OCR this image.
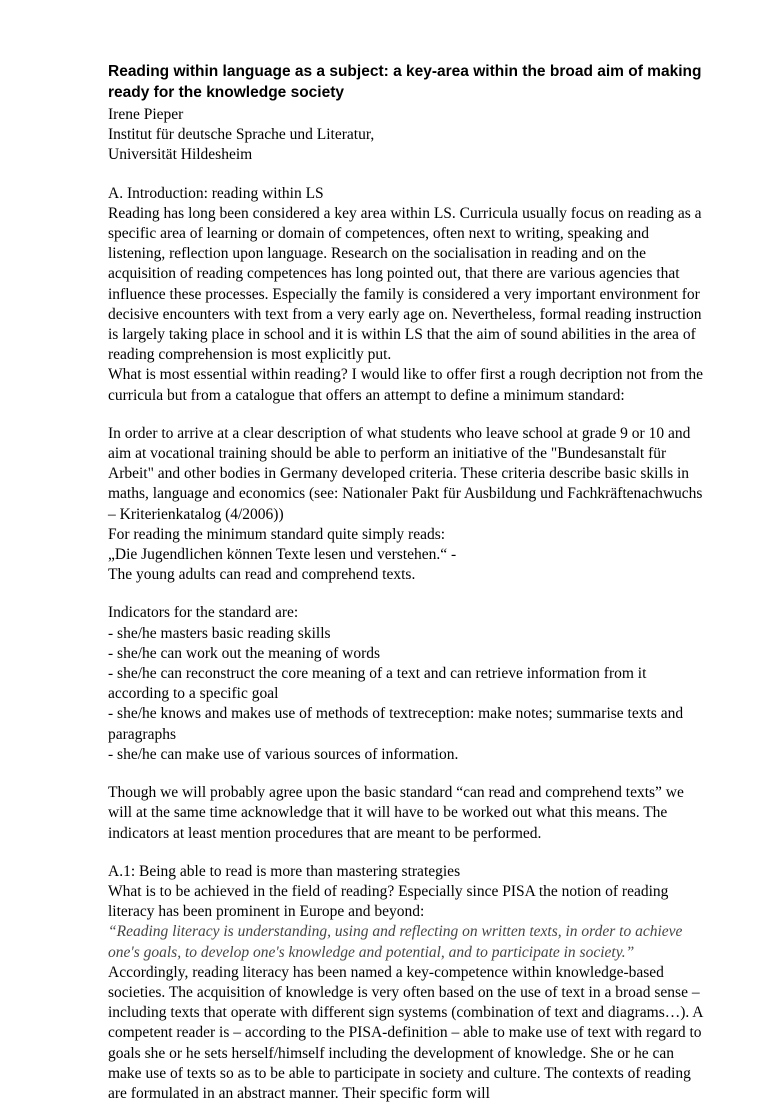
Reading within language as a subject: a key-area within the broad aim of making ready for the knowledge society
Irene Pieper
Institut für deutsche Sprache und Literatur,
Universität Hildesheim
A. Introduction: reading within LS
Reading has long been considered a key area within LS. Curricula usually focus on reading as a specific area of learning or domain of competences, often next to writing, speaking and listening, reflection upon language. Research on the socialisation in reading and on the acquisition of reading competences has long pointed out, that there are various agencies that influence these processes. Especially the family is considered a very important environment for decisive encounters with text from a very early age on. Nevertheless, formal reading instruction is largely taking place in school and it is within LS that the aim of sound abilities in the area of reading comprehension is most explicitly put.
What is most essential within reading? I would like to offer first a rough decription not from the curricula but from a catalogue that offers an attempt to define a minimum standard:
In order to arrive at a clear description of what students who leave school at grade 9 or 10 and aim at vocational training should be able to perform an initiative of the "Bundesanstalt für Arbeit" and other bodies in Germany developed criteria. These criteria describe basic skills in maths, language and economics (see: Nationaler Pakt für Ausbildung und Fachkräftenachwuchs – Kriterienkatalog (4/2006))
For reading the minimum standard quite simply reads:
„Die Jugendlichen können Texte lesen und verstehen.“ -
The young adults can read and comprehend texts.
Indicators for the standard are:
- she/he masters basic reading skills
- she/he can work out the meaning of words
- she/he can reconstruct the core meaning of a text and can retrieve information from it according to a specific goal
- she/he knows and makes use of methods of textreception: make notes; summarise texts and paragraphs
- she/he can make use of various sources of information.
Though we will probably agree upon the basic standard “can read and comprehend texts” we will at the same time acknowledge that it will have to be worked out what this means. The indicators at least mention procedures that are meant to be performed.
A.1: Being able to read is more than mastering strategies
What is to be achieved in the field of reading? Especially since PISA the notion of reading literacy has been prominent in Europe and beyond:
“Reading literacy is understanding, using and reflecting on written texts, in order to achieve one's goals, to develop one's knowledge and potential, and to participate in society.”
Accordingly, reading literacy has been named a key-competence within knowledge-based societies. The acquisition of knowledge is very often based on the use of text in a broad sense – including texts that operate with different sign systems (combination of text and diagrams…). A competent reader is – according to the PISA-definition – able to make use of text with regard to goals she or he sets herself/himself including the development of knowledge. She or he can make use of texts so as to be able to participate in society and culture. The contexts of reading are formulated in an abstract manner. Their specific form will
